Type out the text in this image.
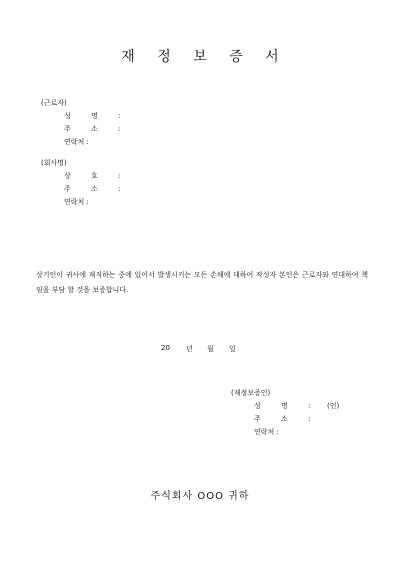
재 정 보 증 서
(근로자)
성 명 :
주 소 :
연락처 :
(회사명)
상 호 :
주 소 :
연락처 :
상기인이 귀사에 재직하는 중에 있어서 발생시키는 모든 손해에 대하여 작성자 본인은 근로자와 연대하여 책임을 부담 할 것을 보증합니다.
20 년 월 일
(재정보증인)
성 명 : (인)
주 소 :
연락처 :
주식회사 OOO 귀하
